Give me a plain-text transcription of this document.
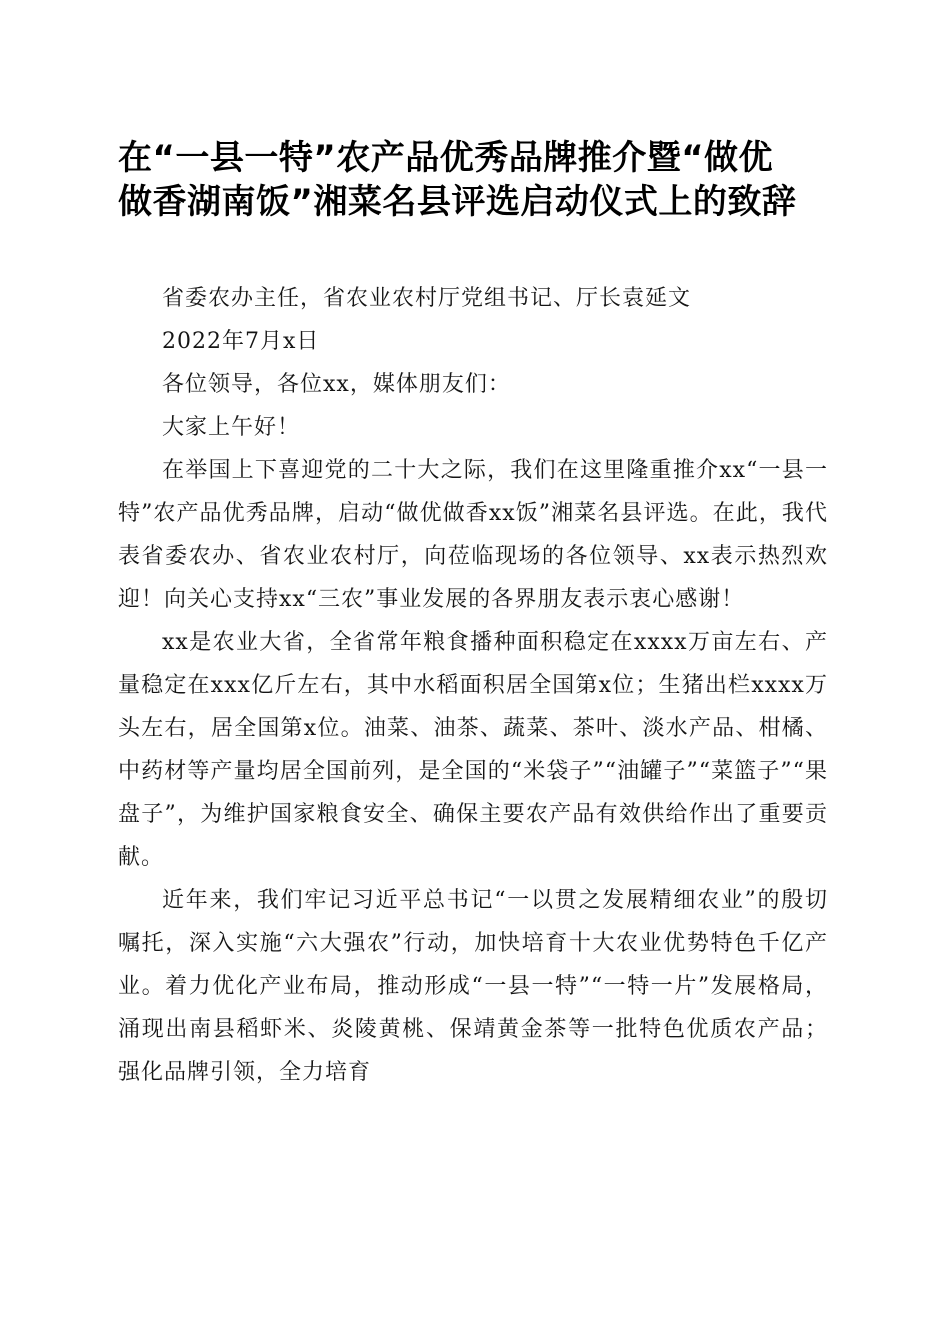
在“一县一特”农产品优秀品牌推介暨“做优
做香湖南饭”湘菜名县评选启动仪式上的致辞

省委农办主任，省农业农村厅党组书记、厅长袁延文

2022年7月x日

各位领导，各位xx，媒体朋友们：

大家上午好！

在举国上下喜迎党的二十大之际，我们在这里隆重推介xx“一县一特”农产品优秀品牌，启动“做优做香xx饭”湘菜名县评选。在此，我代表省委农办、省农业农村厅，向莅临现场的各位领导、xx表示热烈欢迎！向关心支持xx“三农”事业发展的各界朋友表示衷心感谢！

xx是农业大省，全省常年粮食播种面积稳定在xxxx万亩左右、产量稳定在xxx亿斤左右，其中水稻面积居全国第x位；生猪出栏xxxx万头左右，居全国第x位。油菜、油茶、蔬菜、茶叶、淡水产品、柑橘、中药材等产量均居全国前列，是全国的“米袋子”“油罐子”“菜篮子”“果盘子”，为维护国家粮食安全、确保主要农产品有效供给作出了重要贡献。

近年来，我们牢记习近平总书记“一以贯之发展精细农业”的殷切嘱托，深入实施“六大强农”行动，加快培育十大农业优势特色千亿产业。着力优化产业布局，推动形成“一县一特”“一特一片”发展格局，涌现出南县稻虾米、炎陵黄桃、保靖黄金茶等一批特色优质农产品；强化品牌引领，全力培育
